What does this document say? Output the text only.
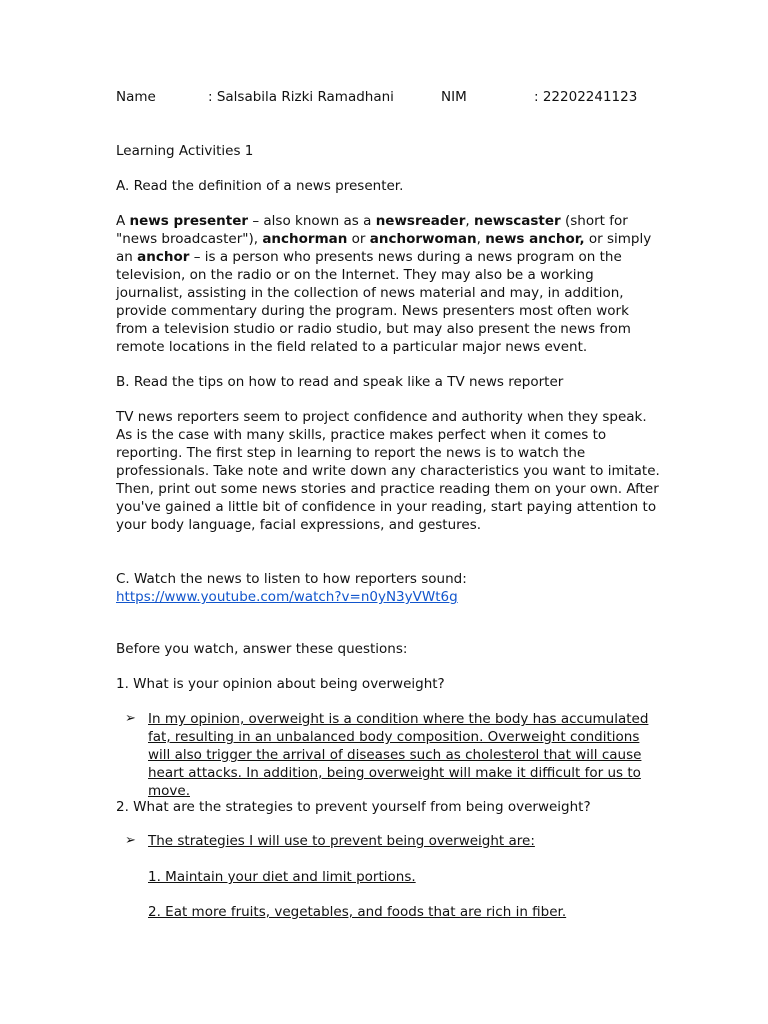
Name	: Salsabila Rizki Ramadhani	NIM	: 22202241123

Learning Activities 1

A. Read the definition of a news presenter.

A news presenter – also known as a newsreader, newscaster (short for "news broadcaster"), anchorman or anchorwoman, news anchor, or simply an anchor – is a person who presents news during a news program on the television, on the radio or on the Internet. They may also be a working journalist, assisting in the collection of news material and may, in addition, provide commentary during the program. News presenters most often work from a television studio or radio studio, but may also present the news from remote locations in the field related to a particular major news event.

B. Read the tips on how to read and speak like a TV news reporter

TV news reporters seem to project confidence and authority when they speak. As is the case with many skills, practice makes perfect when it comes to reporting. The first step in learning to report the news is to watch the professionals. Take note and write down any characteristics you want to imitate. Then, print out some news stories and practice reading them on your own. After you've gained a little bit of confidence in your reading, start paying attention to your body language, facial expressions, and gestures.

C. Watch the news to listen to how reporters sound:

https://www.youtube.com/watch?v=n0yN3yVWt6g

Before you watch, answer these questions:

1. What is your opinion about being overweight?

➢ In my opinion, overweight is a condition where the body has accumulated fat, resulting in an unbalanced body composition. Overweight conditions will also trigger the arrival of diseases such as cholesterol that will cause heart attacks. In addition, being overweight will make it difficult for us to move.

2. What are the strategies to prevent yourself from being overweight?

➢ The strategies I will use to prevent being overweight are:

1. Maintain your diet and limit portions.

2. Eat more fruits, vegetables, and foods that are rich in fiber.
